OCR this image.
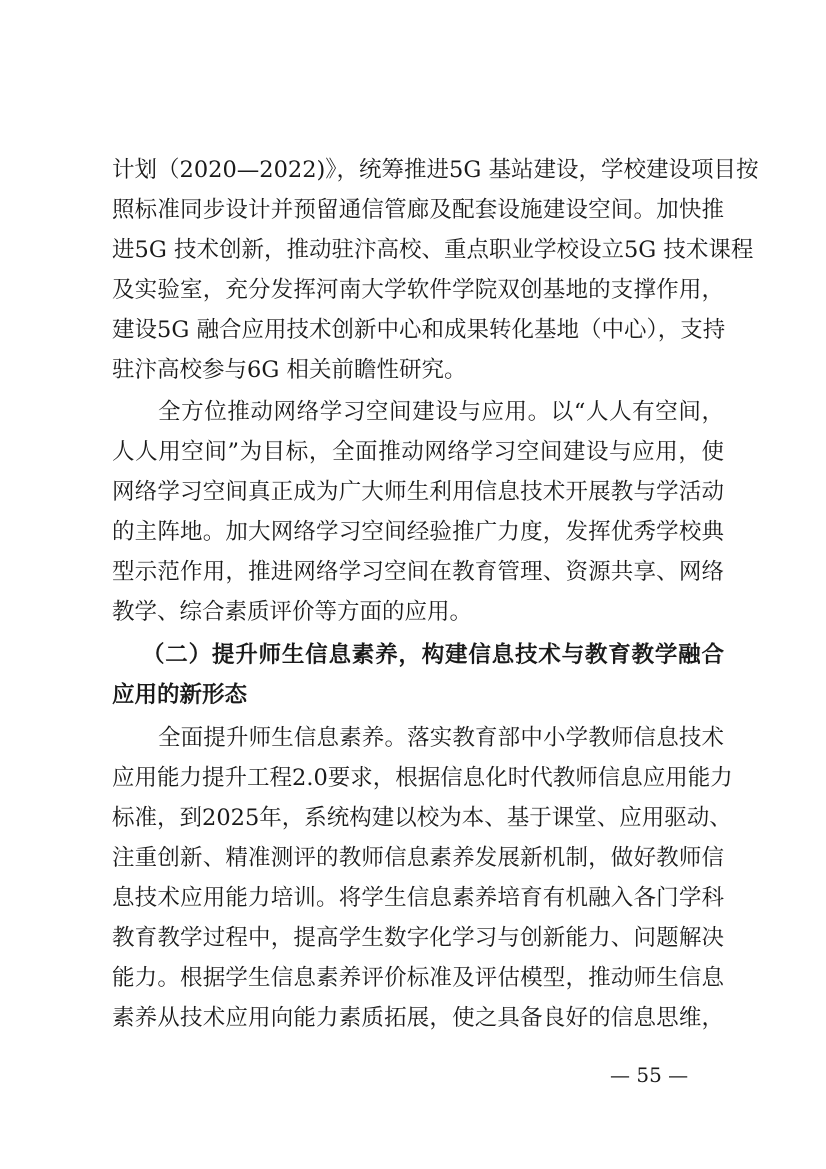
计划（2020—2022)》，统筹推进5G 基站建设，学校建设项目按
照标准同步设计并预留通信管廊及配套设施建设空间。加快推
进5G 技术创新，推动驻汴高校、重点职业学校设立5G 技术课程
及实验室，充分发挥河南大学软件学院双创基地的支撑作用，
建设5G 融合应用技术创新中心和成果转化基地（中心），支持
驻汴高校参与6G 相关前瞻性研究。
全方位推动网络学习空间建设与应用。以“人人有空间，
人人用空间”为目标，全面推动网络学习空间建设与应用，使
网络学习空间真正成为广大师生利用信息技术开展教与学活动
的主阵地。加大网络学习空间经验推广力度，发挥优秀学校典
型示范作用，推进网络学习空间在教育管理、资源共享、网络
教学、综合素质评价等方面的应用。
（二）提升师生信息素养，构建信息技术与教育教学融合
应用的新形态
全面提升师生信息素养。落实教育部中小学教师信息技术
应用能力提升工程2.0要求，根据信息化时代教师信息应用能力
标准，到2025年，系统构建以校为本、基于课堂、应用驱动、
注重创新、精准测评的教师信息素养发展新机制，做好教师信
息技术应用能力培训。将学生信息素养培育有机融入各门学科
教育教学过程中，提高学生数字化学习与创新能力、问题解决
能力。根据学生信息素养评价标准及评估模型，推动师生信息
素养从技术应用向能力素质拓展，使之具备良好的信息思维，
— 55 —
